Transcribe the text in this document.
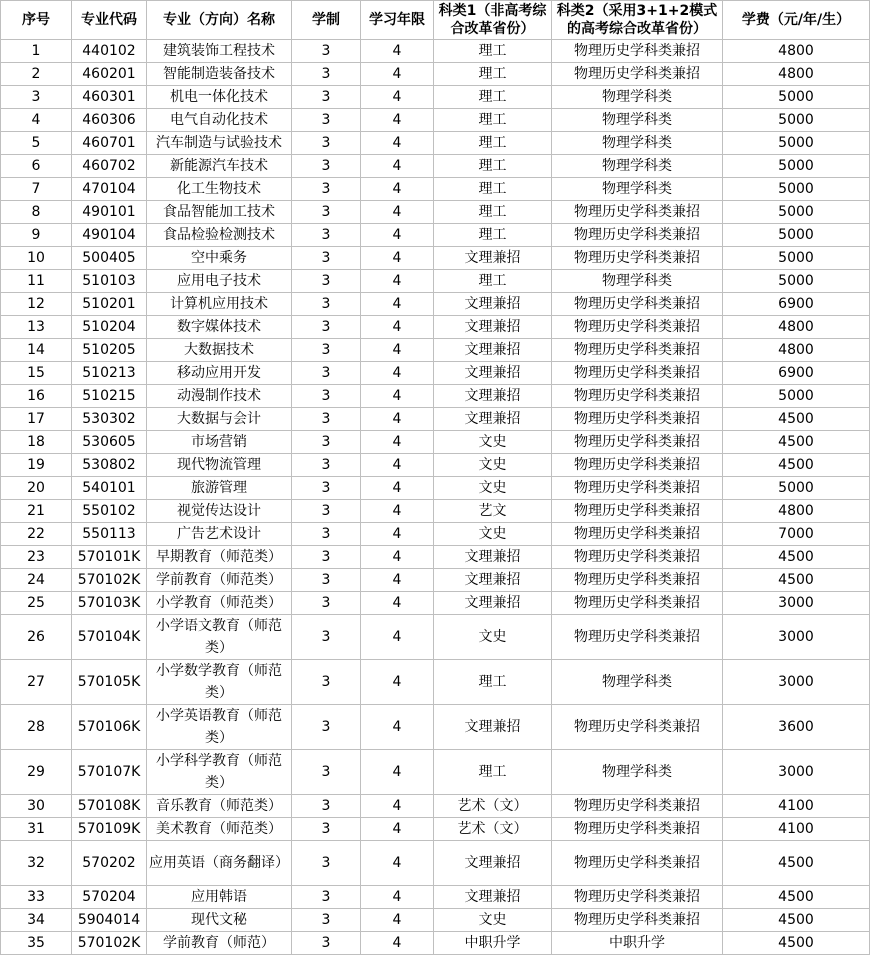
序号	专业代码	专业（方向）名称	学制	学习年限	科类1（非高考综合改革省份）	科类2（采用3+1+2模式的高考综合改革省份）	学费（元/年/生）
1	440102	建筑装饰工程技术	3	4	理工	物理历史学科类兼招	4800
2	460201	智能制造装备技术	3	4	理工	物理历史学科类兼招	4800
3	460301	机电一体化技术	3	4	理工	物理学科类	5000
4	460306	电气自动化技术	3	4	理工	物理学科类	5000
5	460701	汽车制造与试验技术	3	4	理工	物理学科类	5000
6	460702	新能源汽车技术	3	4	理工	物理学科类	5000
7	470104	化工生物技术	3	4	理工	物理学科类	5000
8	490101	食品智能加工技术	3	4	理工	物理历史学科类兼招	5000
9	490104	食品检验检测技术	3	4	理工	物理历史学科类兼招	5000
10	500405	空中乘务	3	4	文理兼招	物理历史学科类兼招	5000
11	510103	应用电子技术	3	4	理工	物理学科类	5000
12	510201	计算机应用技术	3	4	文理兼招	物理历史学科类兼招	6900
13	510204	数字媒体技术	3	4	文理兼招	物理历史学科类兼招	4800
14	510205	大数据技术	3	4	文理兼招	物理历史学科类兼招	4800
15	510213	移动应用开发	3	4	文理兼招	物理历史学科类兼招	6900
16	510215	动漫制作技术	3	4	文理兼招	物理历史学科类兼招	5000
17	530302	大数据与会计	3	4	文理兼招	物理历史学科类兼招	4500
18	530605	市场营销	3	4	文史	物理历史学科类兼招	4500
19	530802	现代物流管理	3	4	文史	物理历史学科类兼招	4500
20	540101	旅游管理	3	4	文史	物理历史学科类兼招	5000
21	550102	视觉传达设计	3	4	艺文	物理历史学科类兼招	4800
22	550113	广告艺术设计	3	4	文史	物理历史学科类兼招	7000
23	570101K	早期教育（师范类）	3	4	文理兼招	物理历史学科类兼招	4500
24	570102K	学前教育（师范类）	3	4	文理兼招	物理历史学科类兼招	4500
25	570103K	小学教育（师范类）	3	4	文理兼招	物理历史学科类兼招	3000
26	570104K	小学语文教育（师范类）	3	4	文史	物理历史学科类兼招	3000
27	570105K	小学数学教育（师范类）	3	4	理工	物理学科类	3000
28	570106K	小学英语教育（师范类）	3	4	文理兼招	物理历史学科类兼招	3600
29	570107K	小学科学教育（师范类）	3	4	理工	物理学科类	3000
30	570108K	音乐教育（师范类）	3	4	艺术（文）	物理历史学科类兼招	4100
31	570109K	美术教育（师范类）	3	4	艺术（文）	物理历史学科类兼招	4100
32	570202	应用英语（商务翻译）	3	4	文理兼招	物理历史学科类兼招	4500
33	570204	应用韩语	3	4	文理兼招	物理历史学科类兼招	4500
34	5904014	现代文秘	3	4	文史	物理历史学科类兼招	4500
35	570102K	学前教育（师范）	3	4	中职升学	中职升学	4500
